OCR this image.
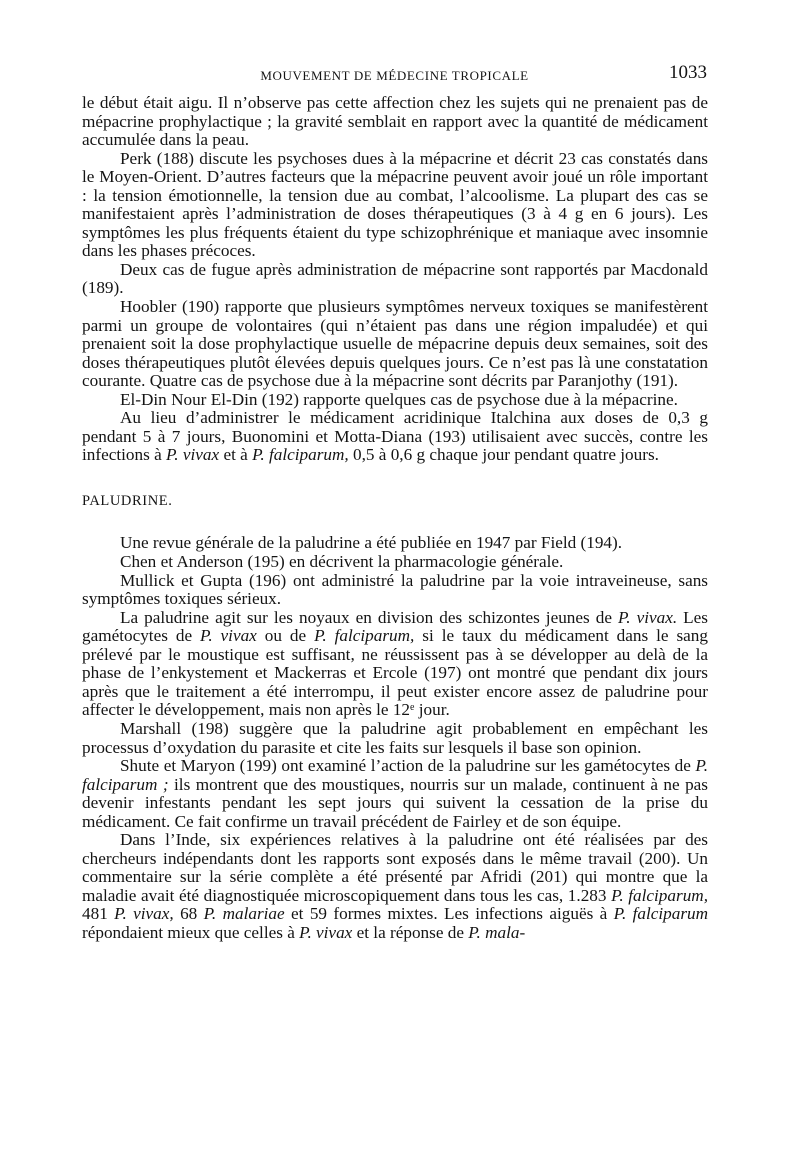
MOUVEMENT DE MÉDECINE TROPICALE	1033

le début était aigu. Il n’observe pas cette affection chez les sujets qui ne prenaient pas de mépacrine prophylactique ; la gravité semblait en rapport avec la quantité de médicament accumulée dans la peau.

Perk (188) discute les psychoses dues à la mépacrine et décrit 23 cas constatés dans le Moyen-Orient. D’autres facteurs que la mépacrine peuvent avoir joué un rôle important : la tension émotionnelle, la tension due au combat, l’alcoolisme. La plupart des cas se manifestaient après l’administration de doses thérapeutiques (3 à 4 g en 6 jours). Les symptômes les plus fréquents étaient du type schizophrénique et maniaque avec insomnie dans les phases précoces.

Deux cas de fugue après administration de mépacrine sont rapportés par Macdonald (189).

Hoobler (190) rapporte que plusieurs symptômes nerveux toxiques se manifestèrent parmi un groupe de volontaires (qui n’étaient pas dans une région impaludée) et qui prenaient soit la dose prophylactique usuelle de mépacrine depuis deux semaines, soit des doses thérapeutiques plutôt élevées depuis quelques jours. Ce n’est pas là une constatation courante. Quatre cas de psychose due à la mépacrine sont décrits par Paranjothy (191).

El-Din Nour El-Din (192) rapporte quelques cas de psychose due à la mépacrine.

Au lieu d’administrer le médicament acridinique Italchina aux doses de 0,3 g pendant 5 à 7 jours, Buonomini et Motta-Diana (193) utilisaient avec succès, contre les infections à P. vivax et à P. falciparum, 0,5 à 0,6 g chaque jour pendant quatre jours.

PALUDRINE.

Une revue générale de la paludrine a été publiée en 1947 par Field (194).

Chen et Anderson (195) en décrivent la pharmacologie générale.

Mullick et Gupta (196) ont administré la paludrine par la voie intraveineuse, sans symptômes toxiques sérieux.

La paludrine agit sur les noyaux en division des schizontes jeunes de P. vivax. Les gamétocytes de P. vivax ou de P. falciparum, si le taux du médicament dans le sang prélevé par le moustique est suffisant, ne réussissent pas à se développer au delà de la phase de l’enkystement et Mackerras et Ercole (197) ont montré que pendant dix jours après que le traitement a été interrompu, il peut exister encore assez de paludrine pour affecter le développement, mais non après le 12e jour.

Marshall (198) suggère que la paludrine agit probablement en empêchant les processus d’oxydation du parasite et cite les faits sur lesquels il base son opinion.

Shute et Maryon (199) ont examiné l’action de la paludrine sur les gamétocytes de P. falciparum ; ils montrent que des moustiques, nourris sur un malade, continuent à ne pas devenir infestants pendant les sept jours qui suivent la cessation de la prise du médicament. Ce fait confirme un travail précédent de Fairley et de son équipe.

Dans l’Inde, six expériences relatives à la paludrine ont été réalisées par des chercheurs indépendants dont les rapports sont exposés dans le même travail (200). Un commentaire sur la série complète a été présenté par Afridi (201) qui montre que la maladie avait été diagnostiquée microscopiquement dans tous les cas, 1.283 P. falciparum, 481 P. vivax, 68 P. malariae et 59 formes mixtes. Les infections aiguës à P. falciparum répondaient mieux que celles à P. vivax et la réponse de P. mala-
